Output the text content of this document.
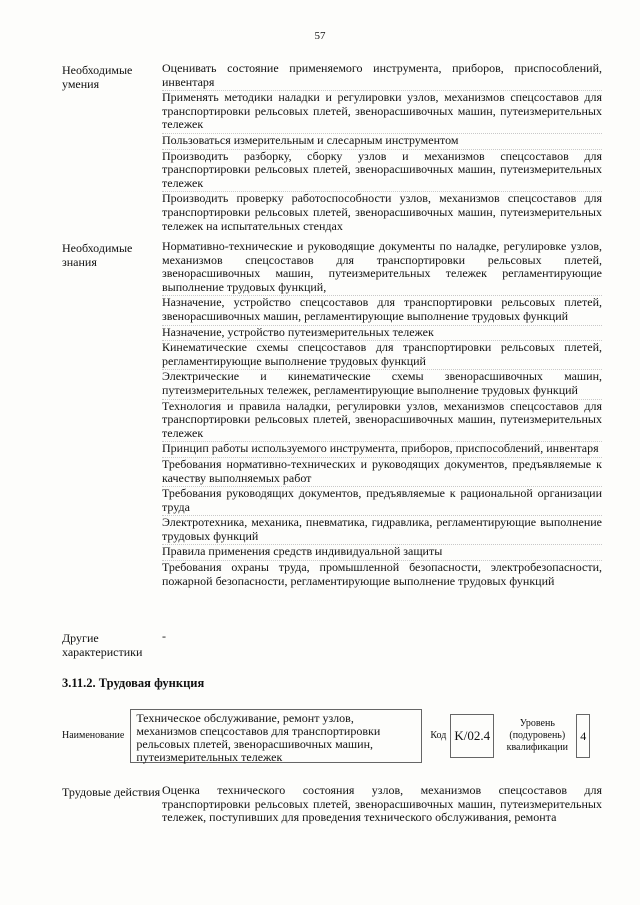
57
Необходимые умения
Оценивать состояние применяемого инструмента, приборов, приспособлений, инвентаря
Применять методики наладки и регулировки узлов, механизмов спецсоставов для транспортировки рельсовых плетей, звенорасшивочных машин, путеизмерительных тележек
Пользоваться измерительным и слесарным инструментом
Производить разборку, сборку узлов и механизмов спецсоставов для транспортировки рельсовых плетей, звенорасшивочных машин, путеизмерительных тележек
Производить проверку работоспособности узлов, механизмов спецсоставов для транспортировки рельсовых плетей, звенорасшивочных машин, путеизмерительных тележек на испытательных стендах
Необходимые знания
Нормативно-технические и руководящие документы по наладке, регулировке узлов, механизмов спецсоставов для транспортировки рельсовых плетей, звенорасшивочных машин, путеизмерительных тележек регламентирующие выполнение трудовых функций,
Назначение, устройство спецсоставов для транспортировки рельсовых плетей, звенорасшивочных машин, регламентирующие выполнение трудовых функций
Назначение, устройство путеизмерительных тележек
Кинематические схемы спецсоставов для транспортировки рельсовых плетей, регламентирующие выполнение трудовых функций
Электрические и кинематические схемы звенорасшивочных машин, путеизмерительных тележек, регламентирующие выполнение трудовых функций
Технология и правила наладки, регулировки узлов, механизмов спецсоставов для транспортировки рельсовых плетей, звенорасшивочных машин, путеизмерительных тележек
Принцип работы используемого инструмента, приборов, приспособлений, инвентаря
Требования нормативно-технических и руководящих документов, предъявляемые к качеству выполняемых работ
Требования руководящих документов, предъявляемые к рациональной организации труда
Электротехника, механика, пневматика, гидравлика, регламентирующие выполнение трудовых функций
Правила применения средств индивидуальной защиты
Требования охраны труда, промышленной безопасности, электробезопасности, пожарной безопасности, регламентирующие выполнение трудовых функций
Другие характеристики
-
3.11.2. Трудовая функция
Наименование
Техническое обслуживание, ремонт узлов, механизмов спецсоставов для транспортировки рельсовых плетей, звенорасшивочных машин, путеизмерительных тележек
Код K/02.4
Уровень (подуровень) квалификации
4
Трудовые действия Оценка технического состояния узлов, механизмов спецсоставов для транспортировки рельсовых плетей, звенорасшивочных машин, путеизмерительных тележек, поступивших для проведения технического обслуживания, ремонта
